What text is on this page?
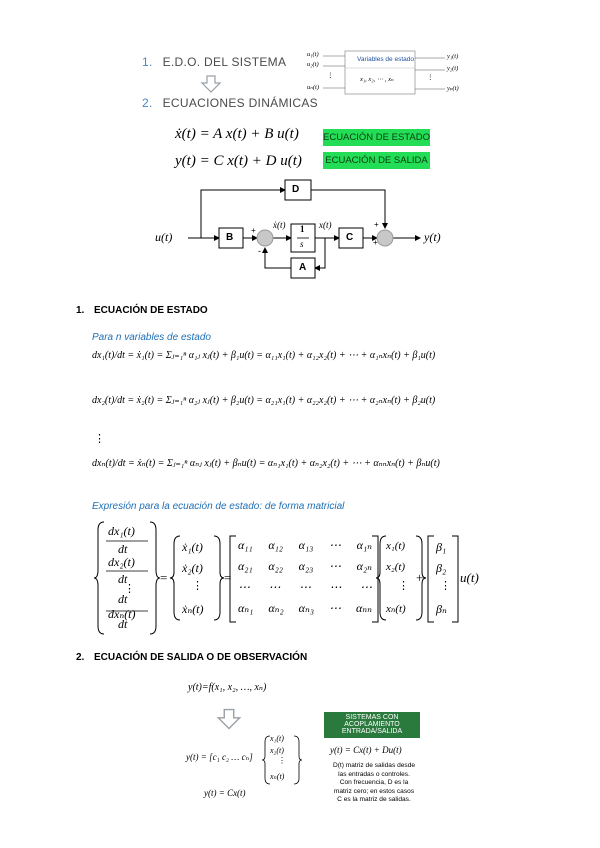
1. E.D.O. DEL SISTEMA
2. ECUACIONES DINÁMICAS
u₁(t)
u₂(t)
⋮
uₙ(t)
Variables de estado
x₁, x₂, ⋯ , xₙ
y₁(t)
y₂(t)
⋮
yₚ(t)
ẋ(t) = A x(t) + B u(t)
y(t) = C x(t) + D u(t)
ECUACIÓN DE ESTADO
ECUACIÓN DE SALIDA
u(t)	y(t)
B	C
D
A
1
s
ẋ(t)	x(t)
+
-
+
+
1. ECUACIÓN DE ESTADO
Para n variables de estado
dx₁(t)/dt = ẋ₁(t) = Σⱼ₌₁ⁿ α₁ⱼ xⱼ(t) + β₁u(t) = α₁₁x₁(t) + α₁₂x₂(t) + ⋯ + α₁ₙxₙ(t) + β₁u(t)
dx₂(t)/dt = ẋ₂(t) = Σⱼ₌₁ⁿ α₂ⱼ xⱼ(t) + β₂u(t) = α₂₁x₁(t) + α₂₂x₂(t) + ⋯ + α₂ₙxₙ(t) + β₂u(t)
⋮
dxₙ(t)/dt = ẋₙ(t) = Σⱼ₌₁ⁿ αₙⱼ xⱼ(t) + βₙu(t) = αₙ₁x₁(t) + αₙ₂x₂(t) + ⋯ + αₙₙxₙ(t) + βₙu(t)
Expresión para la ecuación de estado: de forma matricial
dx₁(t)
dt
dx₂(t)
dt
⋮
dt
dxₙ(t)
dt
=
ẋ₁(t)
ẋ₂(t)
⋮
ẋₙ(t)
=
α₁₁ α₁₂ α₁₃ ⋯ α₁ₙ
α₂₁ α₂₂ α₂₃ ⋯ α₂ₙ
⋯ ⋯ ⋯ ⋯ ⋯
αₙ₁ αₙ₂ αₙ₃ ⋯ αₙₙ
x₁(t)
x₂(t)
⋮
xₙ(t)
+
β₁
β₂
⋮
βₙ
u(t)
2. ECUACIÓN DE SALIDA O DE OBSERVACIÓN
y(t)=f(x₁, x₂, …, xₙ)
y(t) = [c₁ c₂ … cₙ]
x₁(t)
x₂(t)
⋮
xₙ(t)
y(t) = Cx(t)
SISTEMAS CON ACOPLAMIENTO ENTRADA/SALIDA
y(t) = Cx(t) + Du(t)
D(t) matriz de salidas desde
las entradas o controles.
Con frecuencia, D es la
matriz cero; en estos casos
C es la matriz de salidas.
